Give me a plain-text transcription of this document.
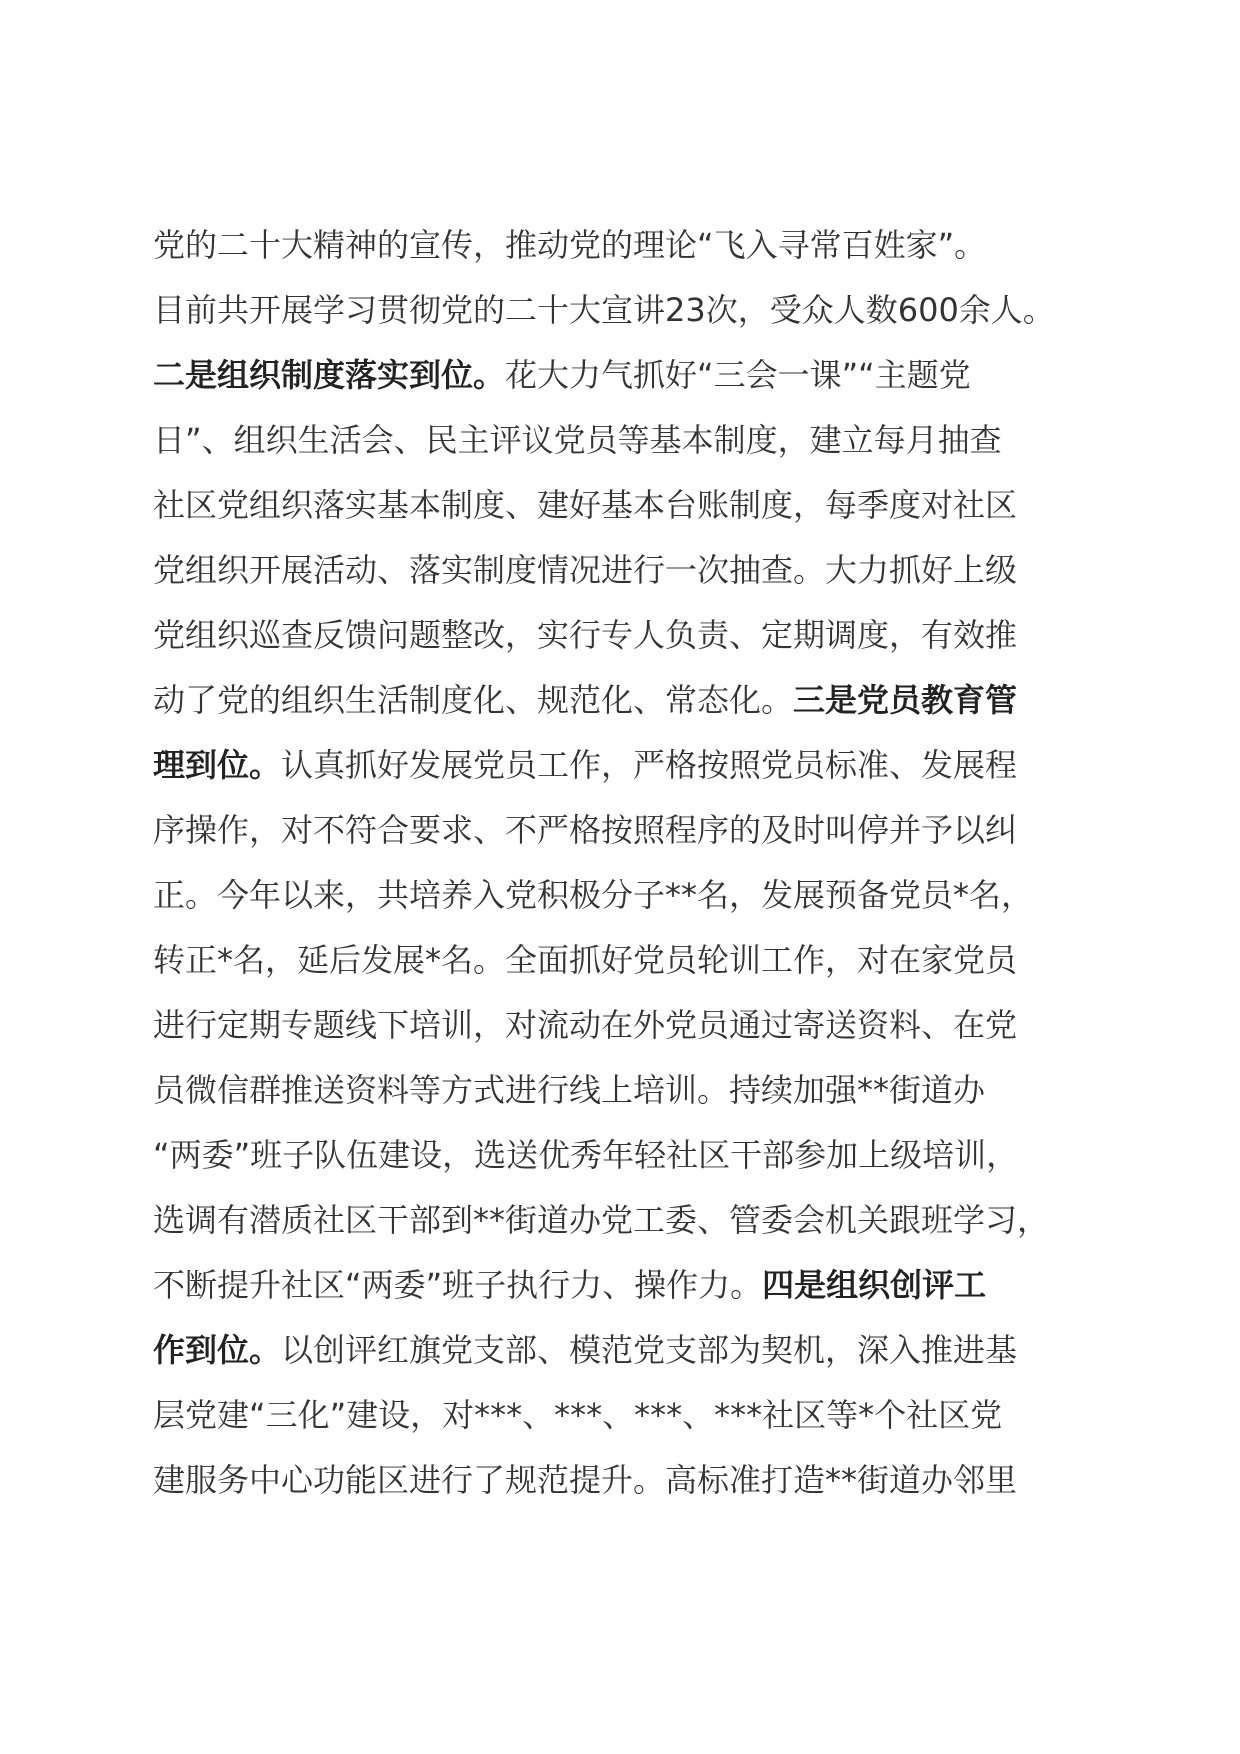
党的二十大精神的宣传，推动党的理论“飞入寻常百姓家”。
目前共开展学习贯彻党的二十大宣讲23次，受众人数600余人。
二是组织制度落实到位。花大力气抓好“三会一课”“主题党
日”、组织生活会、民主评议党员等基本制度，建立每月抽查
社区党组织落实基本制度、建好基本台账制度，每季度对社区
党组织开展活动、落实制度情况进行一次抽查。大力抓好上级
党组织巡查反馈问题整改，实行专人负责、定期调度，有效推
动了党的组织生活制度化、规范化、常态化。三是党员教育管
理到位。认真抓好发展党员工作，严格按照党员标准、发展程
序操作，对不符合要求、不严格按照程序的及时叫停并予以纠
正。今年以来，共培养入党积极分子**名，发展预备党员*名，
转正*名，延后发展*名。全面抓好党员轮训工作，对在家党员
进行定期专题线下培训，对流动在外党员通过寄送资料、在党
员微信群推送资料等方式进行线上培训。持续加强**街道办
“两委”班子队伍建设，选送优秀年轻社区干部参加上级培训，
选调有潜质社区干部到**街道办党工委、管委会机关跟班学习，
不断提升社区“两委”班子执行力、操作力。四是组织创评工
作到位。以创评红旗党支部、模范党支部为契机，深入推进基
层党建“三化”建设，对***、***、***、***社区等*个社区党
建服务中心功能区进行了规范提升。高标准打造**街道办邻里
